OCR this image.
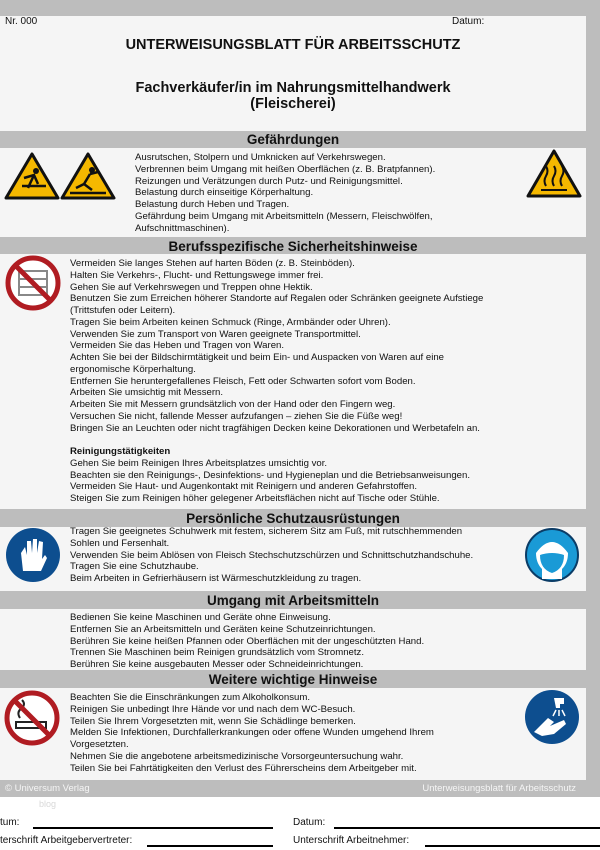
Nr. 000	Datum:
UNTERWEISUNGSBLATT FÜR ARBEITSSCHUTZ
Fachverkäufer/in im Nahrungsmittelhandwerk
(Fleischerei)
Gefährdungen
Ausrutschen, Stolpern und Umknicken auf Verkehrswegen.
Verbrennen beim Umgang mit heißen Oberflächen (z. B. Bratpfannen).
Reizungen und Verätzungen durch Putz- und Reinigungsmittel.
Belastung durch einseitige Körperhaltung.
Belastung durch Heben und Tragen.
Gefährdung beim Umgang mit Arbeitsmitteln (Messern, Fleischwölfen,
Aufschnittmaschinen).
Berufsspezifische Sicherheitshinweise
Vermeiden Sie langes Stehen auf harten Böden (z. B. Steinböden).
Halten Sie Verkehrs-, Flucht- und Rettungswege immer frei.
Gehen Sie auf Verkehrswegen und Treppen ohne Hektik.
Benutzen Sie zum Erreichen höherer Standorte auf Regalen oder Schränken geeignete Aufstiege
(Trittstufen oder Leitern).
Tragen Sie beim Arbeiten keinen Schmuck (Ringe, Armbänder oder Uhren).
Verwenden Sie zum Transport von Waren geeignete Transportmittel.
Vermeiden Sie das Heben und Tragen von Waren.
Achten Sie bei der Bildschirmtätigkeit und beim Ein- und Auspacken von Waren auf eine
ergonomische Körperhaltung.
Entfernen Sie heruntergefallenes Fleisch, Fett oder Schwarten sofort vom Boden.
Arbeiten Sie umsichtig mit Messern.
Arbeiten Sie mit Messern grundsätzlich von der Hand oder den Fingern weg.
Versuchen Sie nicht, fallende Messer aufzufangen – ziehen Sie die Füße weg!
Bringen Sie an Leuchten oder nicht tragfähigen Decken keine Dekorationen und Werbetafeln an.

Reinigungstätigkeiten
Gehen Sie beim Reinigen Ihres Arbeitsplatzes umsichtig vor.
Beachten sie den Reinigungs-, Desinfektions- und Hygieneplan und die Betriebsanweisungen.
Vermeiden Sie Haut- und Augenkontakt mit Reinigern und anderen Gefahrstoffen.
Steigen Sie zum Reinigen höher gelegener Arbeitsflächen nicht auf Tische oder Stühle.
Persönliche Schutzausrüstungen
Tragen Sie geeignetes Schuhwerk mit festem, sicherem Sitz am Fuß, mit rutschhemmenden
Sohlen und Fersenhalt.
Verwenden Sie beim Ablösen von Fleisch Stechschutzschürzen und Schnittschutzhandschuhe.
Tragen Sie eine Schutzhaube.
Beim Arbeiten in Gefrierhäusern ist Wärmeschutzkleidung zu tragen.
Umgang mit Arbeitsmitteln
Bedienen Sie keine Maschinen und Geräte ohne Einweisung.
Entfernen Sie an Arbeitsmitteln und Geräten keine Schutzeinrichtungen.
Berühren Sie keine heißen Pfannen oder Oberflächen mit der ungeschützten Hand.
Trennen Sie Maschinen beim Reinigen grundsätzlich vom Stromnetz.
Berühren Sie keine ausgebauten Messer oder Schneideinrichtungen.
Weitere wichtige Hinweise
Beachten Sie die Einschränkungen zum Alkoholkonsum.
Reinigen Sie unbedingt Ihre Hände vor und nach dem WC-Besuch.
Teilen Sie Ihrem Vorgesetzten mit, wenn Sie Schädlinge bemerken.
Melden Sie Infektionen, Durchfallerkrankungen oder offene Wunden umgehend Ihrem
Vorgesetzten.
Nehmen Sie die angebotene arbeitsmedizinische Vorsorgeuntersuchung wahr.
Teilen Sie bei Fahrtätigkeiten den Verlust des Führerscheins dem Arbeitgeber mit.
© Universum Verlag	Unterweisungsblatt für Arbeitsschutz
blog
tum:	Datum:
terschrift Arbeitgebervertreter:	Unterschrift Arbeitnehmer:
